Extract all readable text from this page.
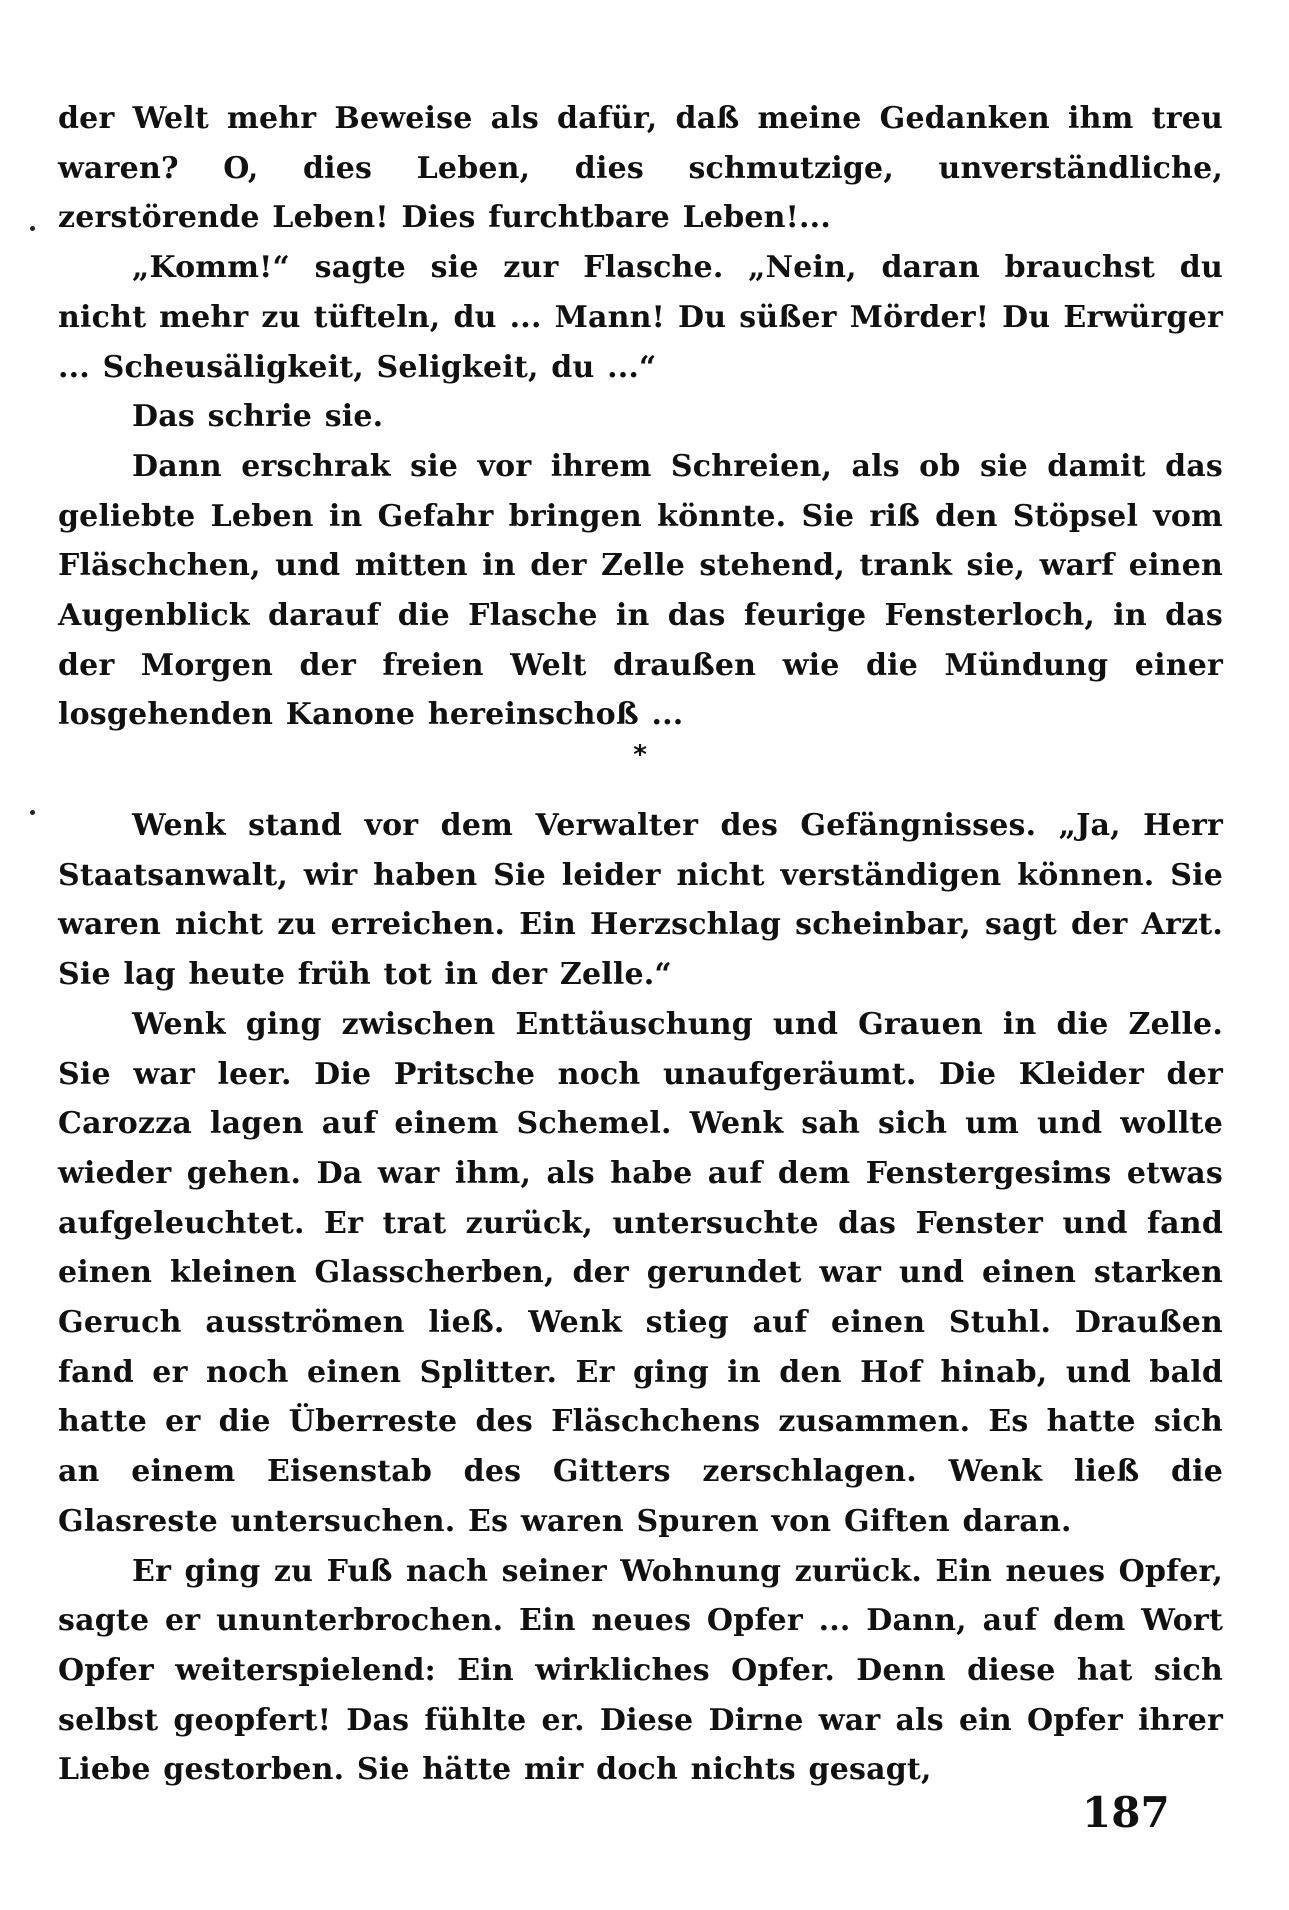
der Welt mehr Beweise als dafür, daß meine Gedanken ihm treu waren? O, dies Leben, dies schmutzige, unverständliche, zerstörende Leben! Dies furchtbare Leben!...

„Komm!“ sagte sie zur Flasche. „Nein, daran brauchst du nicht mehr zu tüfteln, du ... Mann! Du süßer Mörder! Du Erwürger ... Scheusäligkeit, Seligkeit, du ...“

Das schrie sie.

Dann erschrak sie vor ihrem Schreien, als ob sie damit das geliebte Leben in Gefahr bringen könnte. Sie riß den Stöpsel vom Fläschchen, und mitten in der Zelle stehend, trank sie, warf einen Augenblick darauf die Flasche in das feurige Fensterloch, in das der Morgen der freien Welt draußen wie die Mündung einer losgehenden Kanone hereinschoß ...

*

Wenk stand vor dem Verwalter des Gefängnisses. „Ja, Herr Staatsanwalt, wir haben Sie leider nicht verständigen können. Sie waren nicht zu erreichen. Ein Herzschlag scheinbar, sagt der Arzt. Sie lag heute früh tot in der Zelle.“

Wenk ging zwischen Enttäuschung und Grauen in die Zelle. Sie war leer. Die Pritsche noch unaufgeräumt. Die Kleider der Carozza lagen auf einem Schemel. Wenk sah sich um und wollte wieder gehen. Da war ihm, als habe auf dem Fenstergesims etwas aufgeleuchtet. Er trat zurück, untersuchte das Fenster und fand einen kleinen Glasscherben, der gerundet war und einen starken Geruch ausströmen ließ. Wenk stieg auf einen Stuhl. Draußen fand er noch einen Splitter. Er ging in den Hof hinab, und bald hatte er die Überreste des Fläschchens zusammen. Es hatte sich an einem Eisenstab des Gitters zerschlagen. Wenk ließ die Glasreste untersuchen. Es waren Spuren von Giften daran.

Er ging zu Fuß nach seiner Wohnung zurück. Ein neues Opfer, sagte er ununterbrochen. Ein neues Opfer ... Dann, auf dem Wort Opfer weiterspielend: Ein wirkliches Opfer. Denn diese hat sich selbst geopfert! Das fühlte er. Diese Dirne war als ein Opfer ihrer Liebe gestorben. Sie hätte mir doch nichts gesagt,

187
